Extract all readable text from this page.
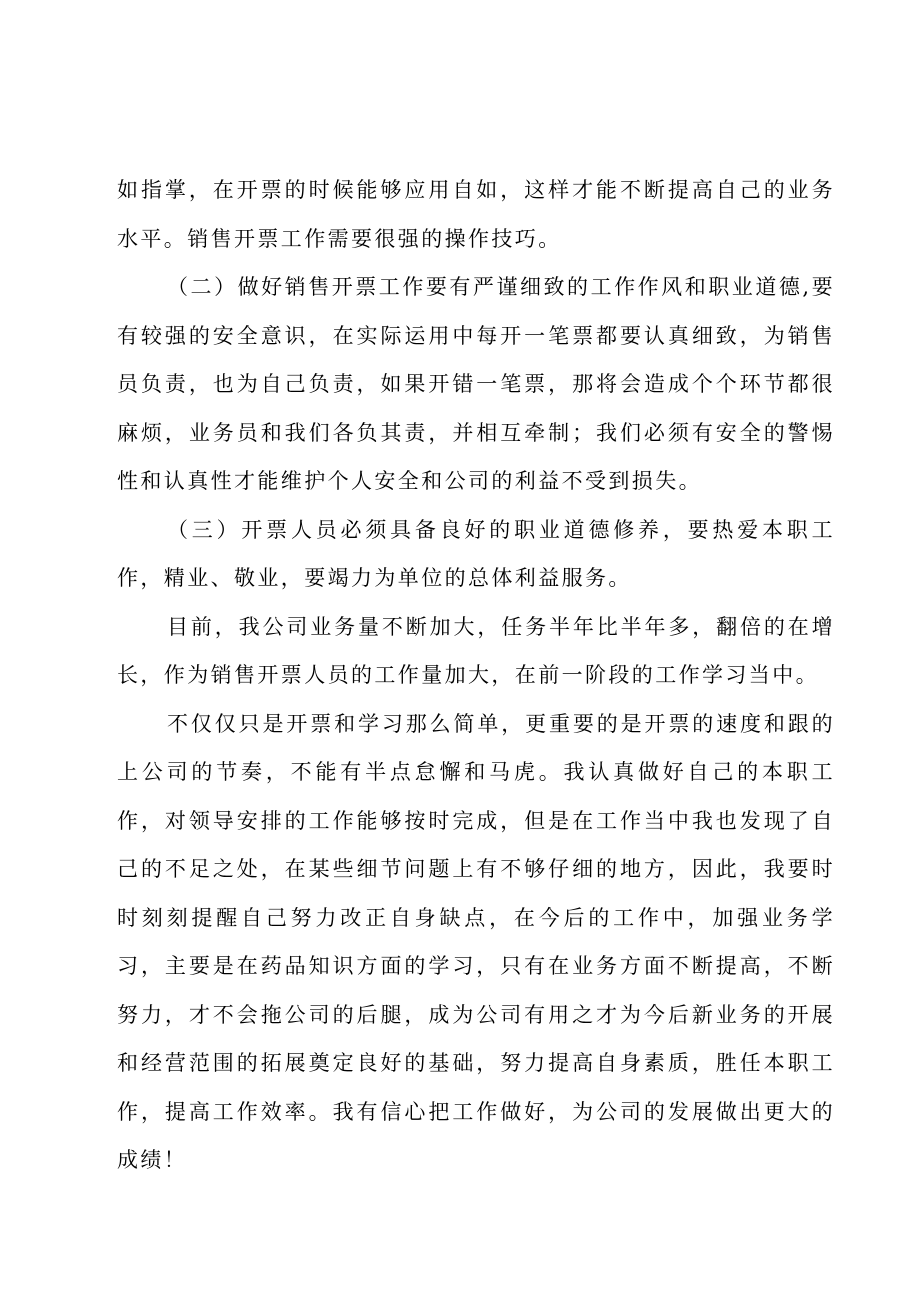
如指掌，在开票的时候能够应用自如，这样才能不断提高自己的业务水平。销售开票工作需要很强的操作技巧。

（二）做好销售开票工作要有严谨细致的工作作风和职业道德,要有较强的安全意识，在实际运用中每开一笔票都要认真细致，为销售员负责，也为自己负责，如果开错一笔票，那将会造成个个环节都很麻烦，业务员和我们各负其责，并相互牵制；我们必须有安全的警惕性和认真性才能维护个人安全和公司的利益不受到损失。

（三）开票人员必须具备良好的职业道德修养，要热爱本职工作，精业、敬业，要竭力为单位的总体利益服务。

目前，我公司业务量不断加大，任务半年比半年多，翻倍的在增长，作为销售开票人员的工作量加大，在前一阶段的工作学习当中。

不仅仅只是开票和学习那么简单，更重要的是开票的速度和跟的上公司的节奏，不能有半点怠懈和马虎。我认真做好自己的本职工作，对领导安排的工作能够按时完成，但是在工作当中我也发现了自己的不足之处，在某些细节问题上有不够仔细的地方，因此，我要时时刻刻提醒自己努力改正自身缺点，在今后的工作中，加强业务学习，主要是在药品知识方面的学习，只有在业务方面不断提高，不断努力，才不会拖公司的后腿，成为公司有用之才为今后新业务的开展和经营范围的拓展奠定良好的基础，努力提高自身素质，胜任本职工作，提高工作效率。我有信心把工作做好，为公司的发展做出更大的成绩！
